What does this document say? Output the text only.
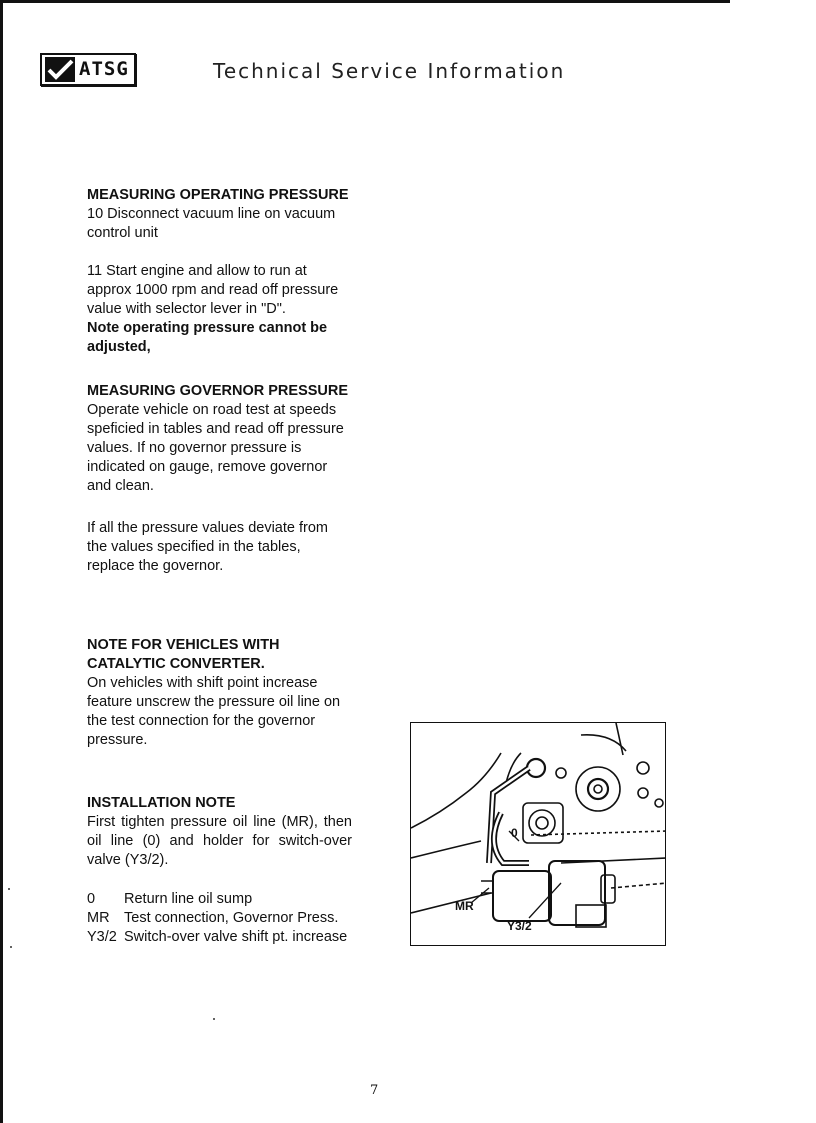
ATSG	Technical Service Information

MEASURING OPERATING PRESSURE

10 Disconnect vacuum line on vacuum control unit

11 Start engine and allow to run at approx 1000 rpm and read off pressure value with selector lever in "D".

Note operating pressure cannot be adjusted,

MEASURING GOVERNOR PRESSURE

Operate vehicle on road test at speeds speficied in tables and read off pressure values. If no governor pressure is indicated on gauge, remove governor and clean.

If all the pressure values deviate from the values specified in the tables, replace the governor.

NOTE FOR VEHICLES WITH CATALYTIC CONVERTER.

On vehicles with shift point increase feature unscrew the pressure oil line on the test connection for the governor pressure.

INSTALLATION NOTE

First tighten pressure oil line (MR), then oil line (0) and holder for switch-over valve (Y3/2).

0	Return line oil sump
MR Test connection, Governor Press.
Y3/2 Switch-over valve shift pt. increase
MR
Y3/2
0
7
